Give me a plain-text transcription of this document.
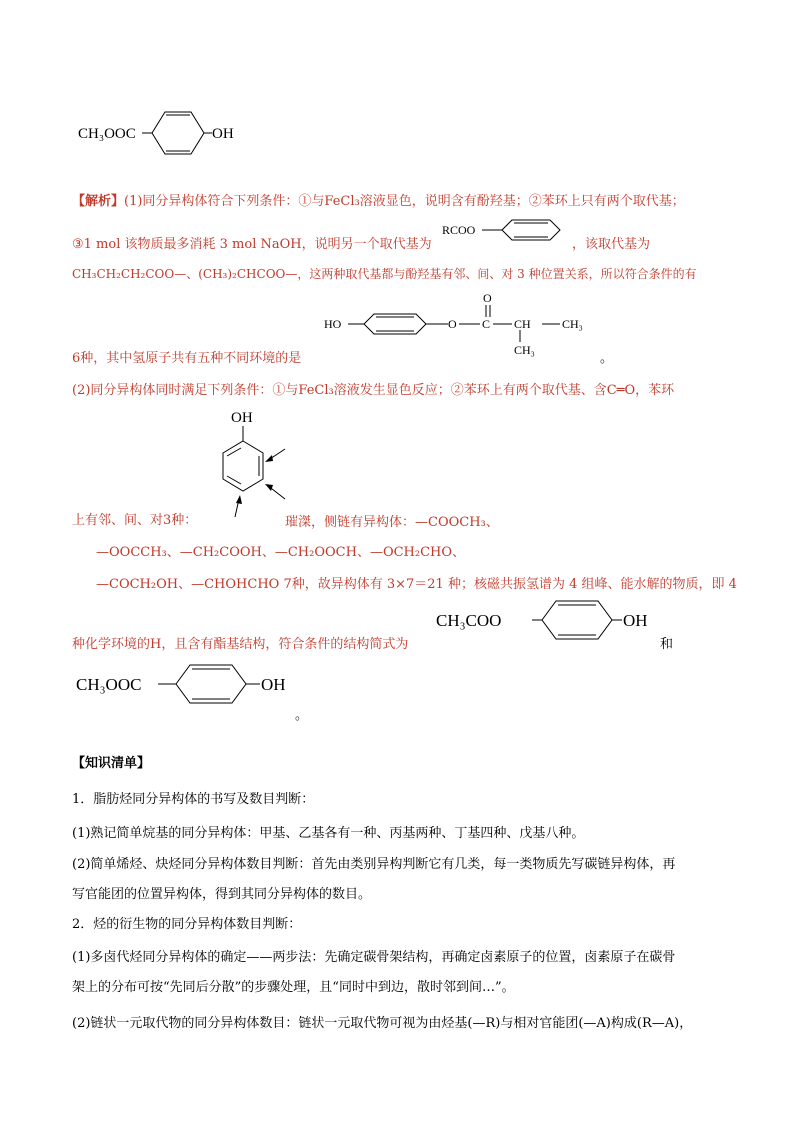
CH₃OOC	OH
【解析】(1)同分异构体符合下列条件：①与FeCl₃溶液显色，说明含有酚羟基；②苯环上只有两个取代基；
③1 mol 该物质最多消耗 3 mol NaOH，说明另一个取代基为
RCOO
，该取代基为
CH₃CH₂CH₂COO—、(CH₃)₂CHCOO—，这两种取代基都与酚羟基有邻、间、对 3 种位置关系，所以符合条件的有
HO	O
O
C CH	CH₃
CH₃
6种，其中氢原子共有五种不同环境的是	。
(2)同分异构体同时满足下列条件：①与FeCl₃溶液发生显色反应；②苯环上有两个取代基、含C═O，苯环
OH
上有邻、间、对3种：	璀滐，侧链有异构体：—COOCH₃、
—OOCCH₃、—CH₂COOH、—CH₂OOCH、—OCH₂CHO、
—COCH₂OH、—CHOHCHO 7种，故异构体有 3×7＝21 种；核磁共振氢谱为 4 组峰、能水解的物质，即 4
CH₃COO	OH
种化学环境的H，且含有酯基结构，符合条件的结构简式为	和
CH₃OOC	OH
。
【知识清单】
1．脂肪烃同分异构体的书写及数目判断：
(1)熟记简单烷基的同分异构体：甲基、乙基各有一种、丙基两种、丁基四种、戊基八种。
(2)简单烯烃、炔烃同分异构体数目判断：首先由类别异构判断它有几类，每一类物质先写碳链异构体，再
写官能团的位置异构体，得到其同分异构体的数目。
2．烃的衍生物的同分异构体数目判断：
(1)多卤代烃同分异构体的确定——两步法：先确定碳骨架结构，再确定卤素原子的位置，卤素原子在碳骨
架上的分布可按“先同后分散”的步骤处理，且“同时中到边，散时邻到间…”。
(2)链状一元取代物的同分异构体数目：链状一元取代物可视为由烃基(—R)与相对官能团(—A)构成(R—A)，
